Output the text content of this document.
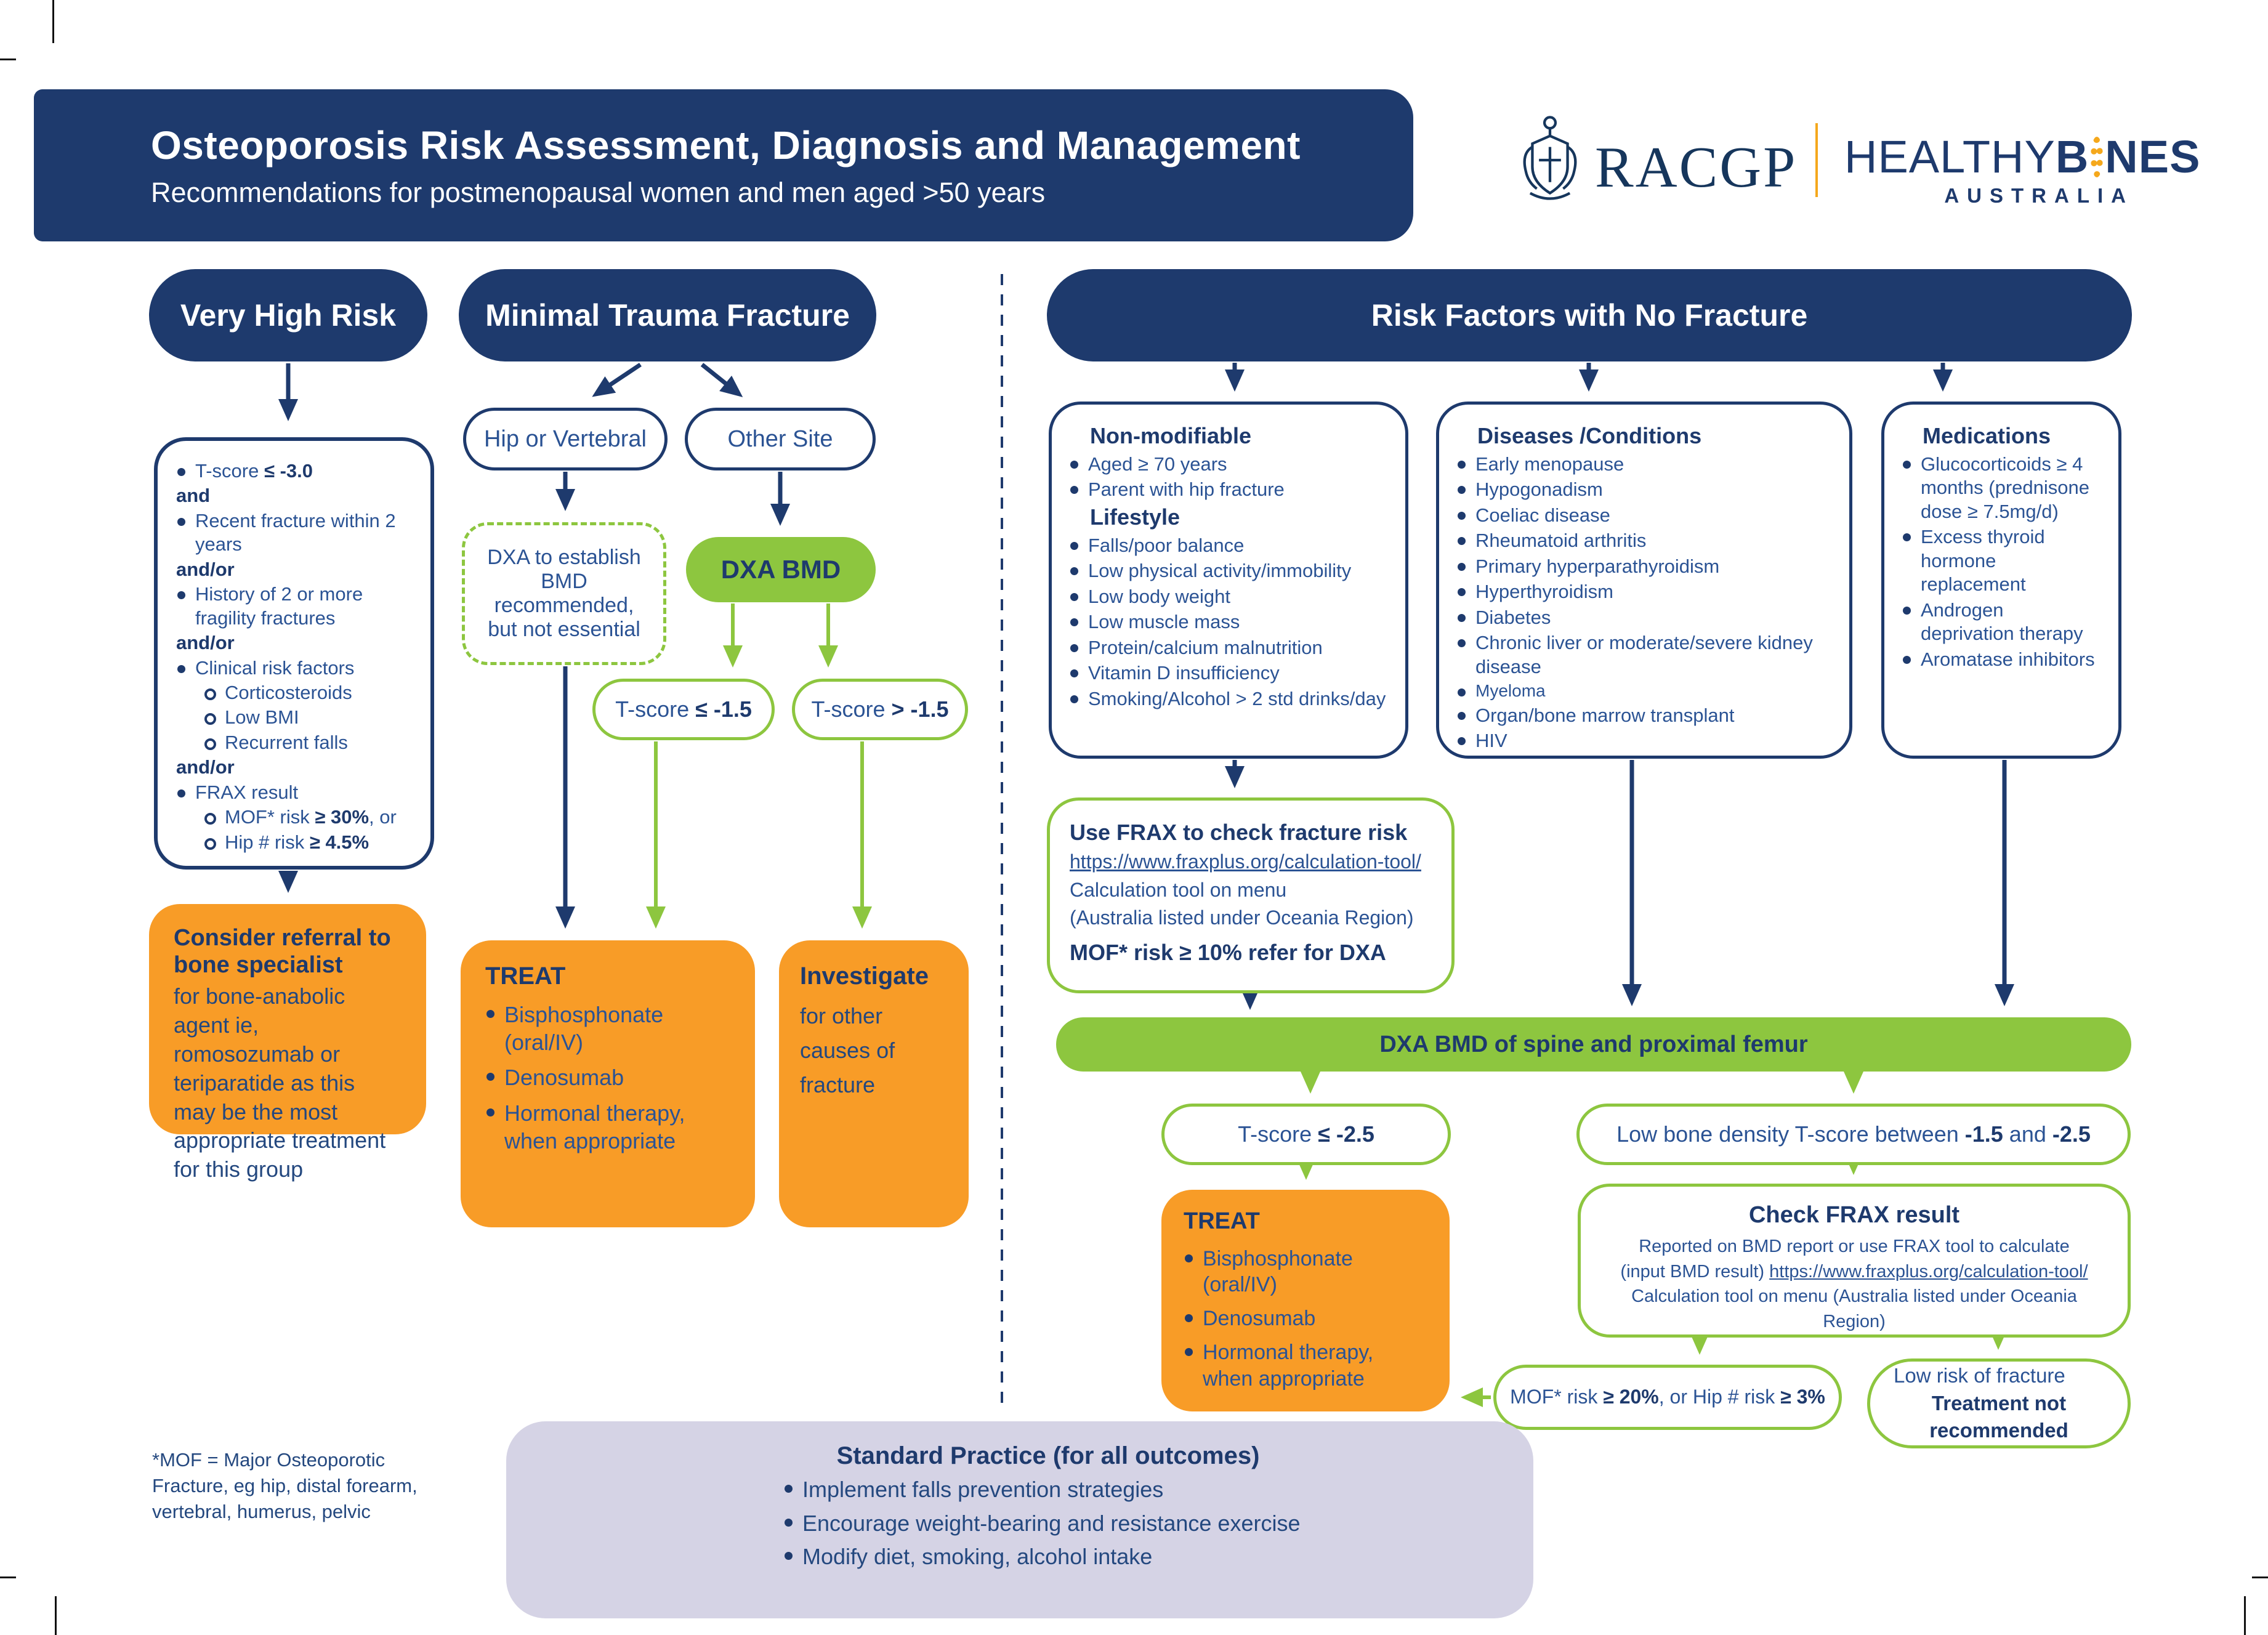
Osteoporosis Risk Assessment, Diagnosis and Management

Recommendations for postmenopausal women and men aged >50 years	RACGP HEALTHY B NES
AUSTRALIA
Very High Risk
T-score ≤ -3.0
and
Recent fracture within 2 years
and/or
History of 2 or more fragility fractures
and/or
Clinical risk factors
Corticosteroids
Low BMI
Recurrent falls
and/or
FRAX result
MOF* risk ≥ 30%, or
Hip # risk ≥ 4.5%
Consider referral to bone specialist
for bone-anabolic agent ie, romosozumab or teriparatide as this may be the most appropriate treatment for this group
Minimal Trauma Fracture
Hip or Vertebral	Other Site
DXA to establish BMD recommended, but not essential
DXA BMD
T-score ≤ -1.5	T-score > -1.5
TREAT
Bisphosphonate (oral/IV)
Denosumab
Hormonal therapy, when appropriate
Investigate
for other causes of fracture
Risk Factors with No Fracture
Non-modifiable
Aged ≥ 70 years
Parent with hip fracture
Lifestyle
Falls/poor balance
Low physical activity/immobility
Low body weight
Low muscle mass
Protein/calcium malnutrition
Vitamin D insufficiency
Smoking/Alcohol > 2 std drinks/day
Diseases /Conditions
Early menopause
Hypogonadism
Coeliac disease
Rheumatoid arthritis
Primary hyperparathyroidism
Hyperthyroidism
Diabetes
Chronic liver or moderate/severe kidney disease
Myeloma
Organ/bone marrow transplant
HIV
Medications
Glucocorticoids ≥ 4 months (prednisone dose ≥ 7.5mg/d)
Excess thyroid hormone replacement
Androgen deprivation therapy
Aromatase inhibitors
Use FRAX to check fracture risk
https://www.fraxplus.org/calculation-tool/
Calculation tool on menu
(Australia listed under Oceania Region)
MOF* risk ≥ 10% refer for DXA
DXA BMD of spine and proximal femur
T-score ≤ -2.5	Low bone density T-score between -1.5 and -2.5
TREAT
Bisphosphonate (oral/IV)
Denosumab
Hormonal therapy, when appropriate
Check FRAX result
Reported on BMD report or use FRAX tool to calculate
(input BMD result) https://www.fraxplus.org/calculation-tool/
Calculation tool on menu (Australia listed under Oceania Region)
MOF* risk ≥ 20%, or Hip # risk ≥ 3%
Low risk of fracture
Treatment not recommended
Standard Practice (for all outcomes)
Implement falls prevention strategies
Encourage weight-bearing and resistance exercise
Modify diet, smoking, alcohol intake
*MOF = Major Osteoporotic Fracture, eg hip, distal forearm, vertebral, humerus, pelvic
